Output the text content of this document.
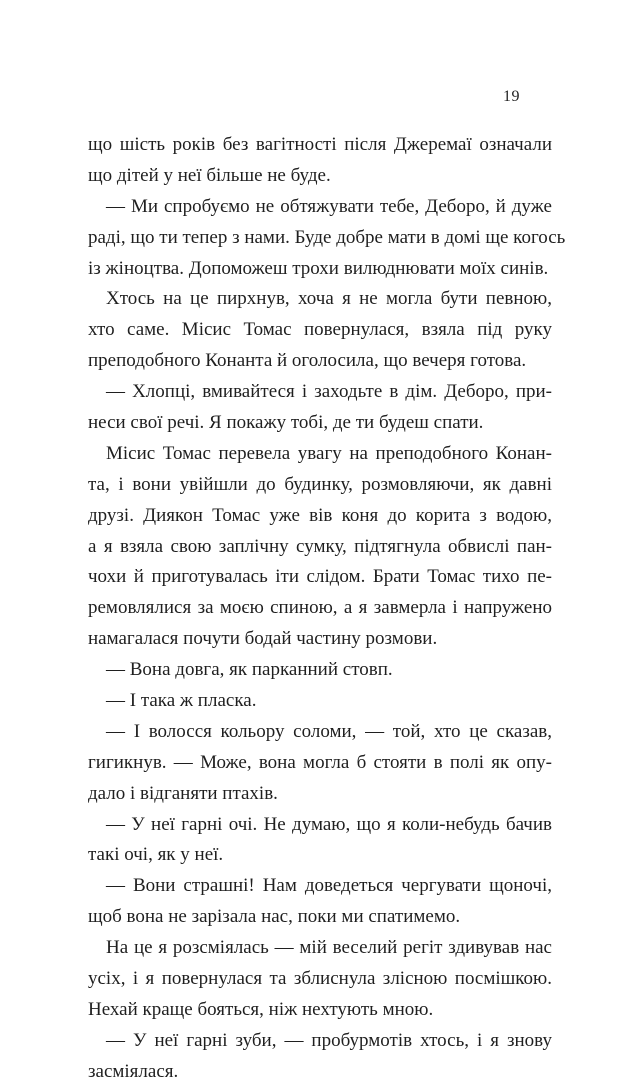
19
що шість років без вагітності після Джеремаї означали
що дітей у неї більше не буде.
— Ми спробуємо не обтяжувати тебе, Деборо, й дуже
раді, що ти тепер з нами. Буде добре мати в домі ще когось
із жіноцтва. Допоможеш трохи вилюднювати моїх синів.
Хтось на це пирхнув, хоча я не могла бути певною,
хто саме. Місис Томас повернулася, взяла під руку
преподобного Конанта й оголосила, що вечеря готова.
— Хлопці, вмивайтеся і заходьте в дім. Деборо, при-
неси свої речі. Я покажу тобі, де ти будеш спати.
Місис Томас перевела увагу на преподобного Конан-
та, і вони увійшли до будинку, розмовляючи, як давні
друзі. Диякон Томас уже вів коня до корита з водою,
а я взяла свою заплічну сумку, підтягнула обвислі пан-
чохи й приготувалась іти слідом. Брати Томас тихо пе-
ремовлялися за моєю спиною, а я завмерла і напружено
намагалася почути бодай частину розмови.
— Вона довга, як парканний стовп.
— І така ж пласка.
— І волосся кольору соломи, — той, хто це сказав,
гигикнув. — Може, вона могла б стояти в полі як опу-
дало і відганяти птахів.
— У неї гарні очі. Не думаю, що я коли-небудь бачив
такі очі, як у неї.
— Вони страшні! Нам доведеться чергувати щоночі,
щоб вона не зарізала нас, поки ми спатимемо.
На це я розсміялась — мій веселий регіт здивував нас
усіх, і я повернулася та зблиснула злісною посмішкою.
Нехай краще бояться, ніж нехтують мною.
— У неї гарні зуби, — пробурмотів хтось, і я знову
засміялася.
